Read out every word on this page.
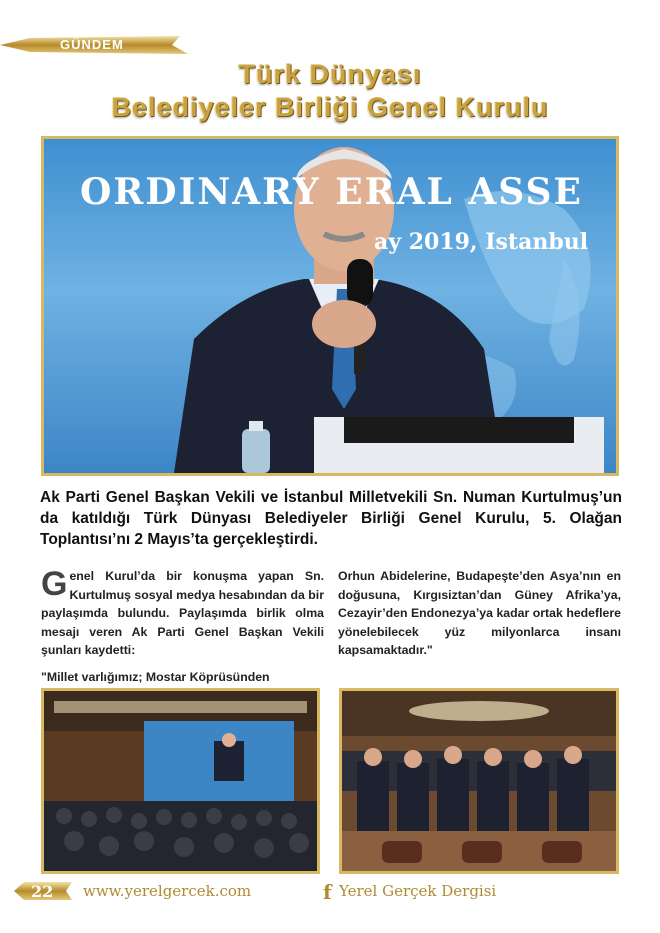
GÜNDEM
Türk Dünyası
Belediyeler Birliği Genel Kurulu
ORDINARY ERAL ASSE
ay 2019, Istanbul
Ak Parti Genel Başkan Vekili ve İstanbul Milletvekili Sn. Numan Kurtulmuş’un da katıldığı Türk Dünyası Belediyeler Birliği Genel Kurulu, 5. Olağan Toplantısı’nı 2 Mayıs’ta gerçekleştirdi.
Genel Kurul’da bir konuşma yapan Sn. Kurtulmuş sosyal medya hesabından da bir paylaşımda bulundu. Paylaşımda birlik olma mesajı veren Ak Parti Genel Başkan Vekili şunları kaydetti:
"Millet varlığımız; Mostar Köprüsünden
Orhun Abidelerine, Budapeşte’den Asya’nın en doğusuna, Kırgısiztan’dan Güney Afrika’ya, Cezayir’den Endonezya’ya kadar ortak hedeflere yönelebilecek yüz milyonlarca insanı kapsamaktadır."
22 www.yerelgercek.com	f Yerel Gerçek Dergisi
